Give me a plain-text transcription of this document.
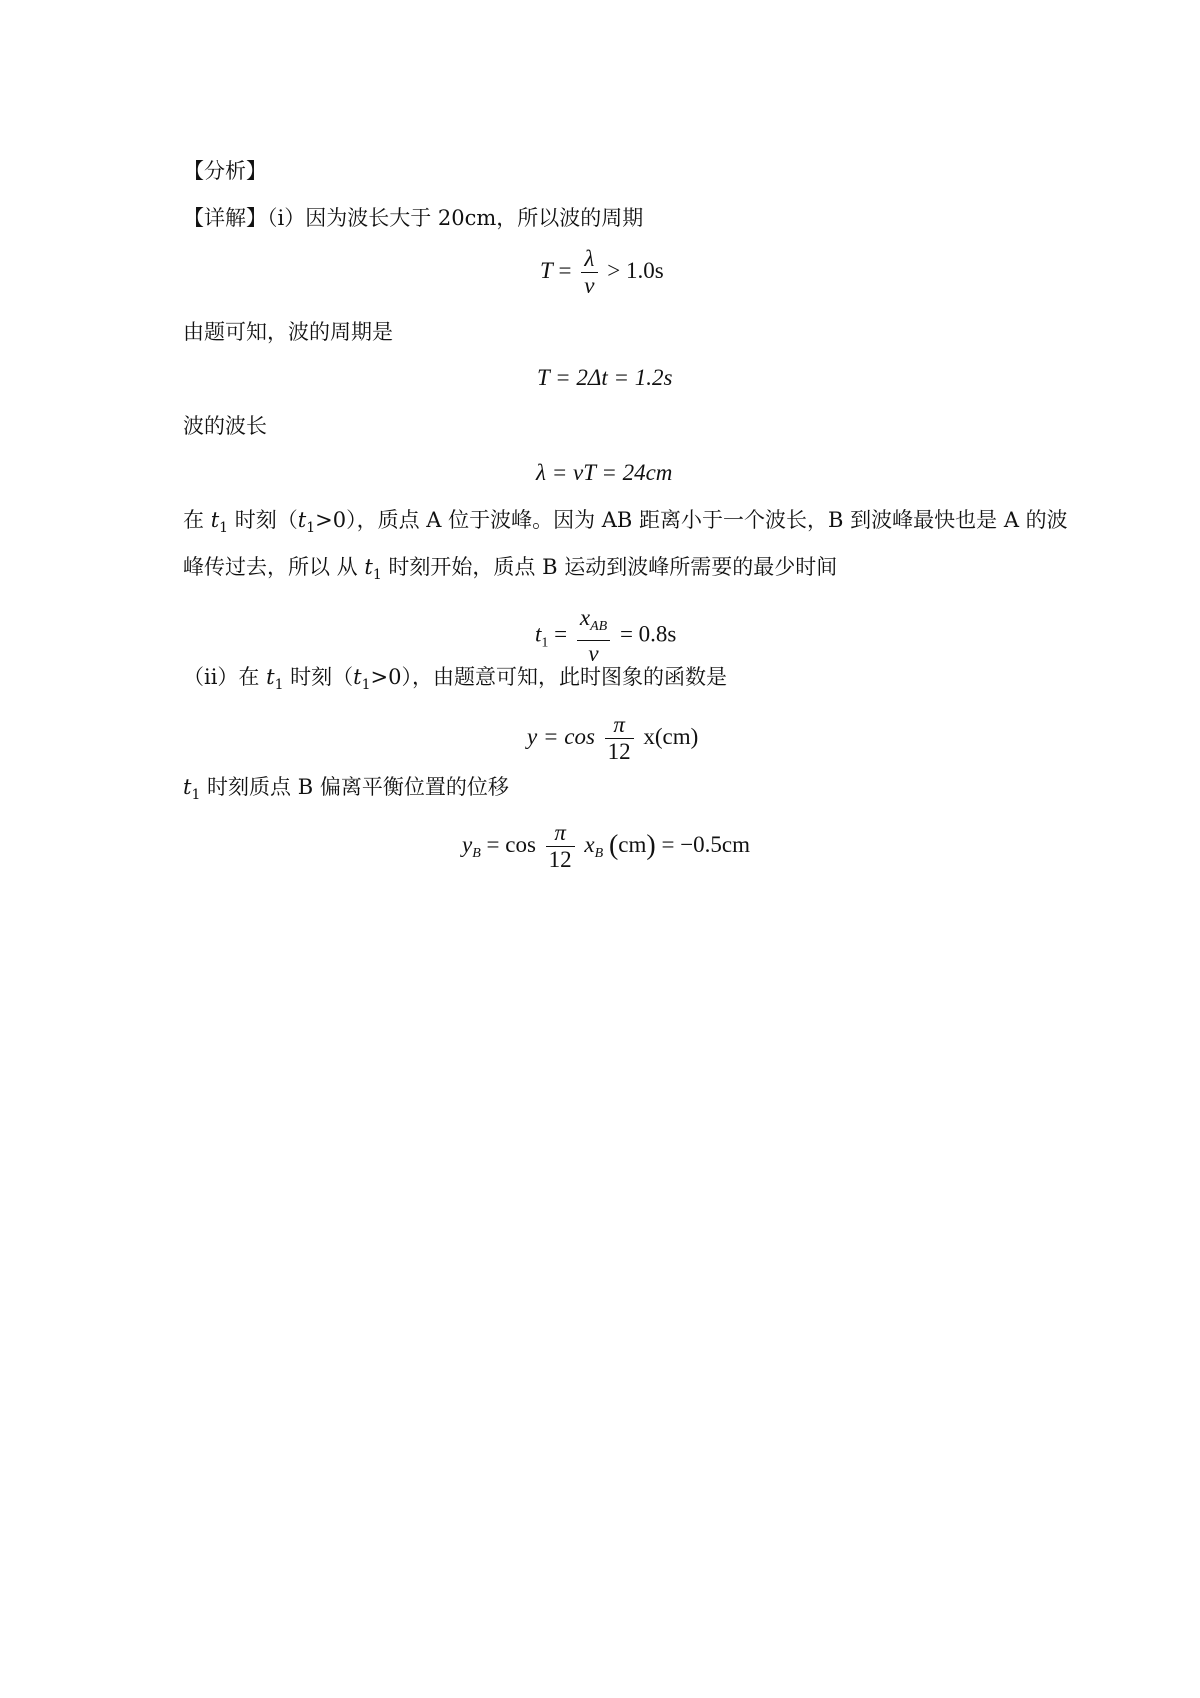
【分析】
【详解】（i）因为波长大于 20cm，所以波的周期
$T = \frac{\lambda}{v} > 1.0s$
由题可知，波的周期是
T = 2Δt = 1.2s
波的波长
λ = vT = 24cm
在 $t_1$ 时刻$(t_1>0)$，质点 A 位于波峰。因为 AB 距离小于一个波长，B 到波峰最快也是 A 的波
峰传过去，所以 从 $t_1$ 时刻开始，质点 B 运动到波峰所需要的最少时间
$t_1 = \frac{x_{AB}}{v} = 0.8s$
（ii）在 $t_1$ 时刻$(t_1>0)$，由题意可知，此时图象的函数是
$y = \cos \frac{\pi}{12} x(cm)$
$t_1$ 时刻质点 B 偏离平衡位置的位移
$y_B = \cos \frac{\pi}{12} x_B$ (cm) = −0.5cm
